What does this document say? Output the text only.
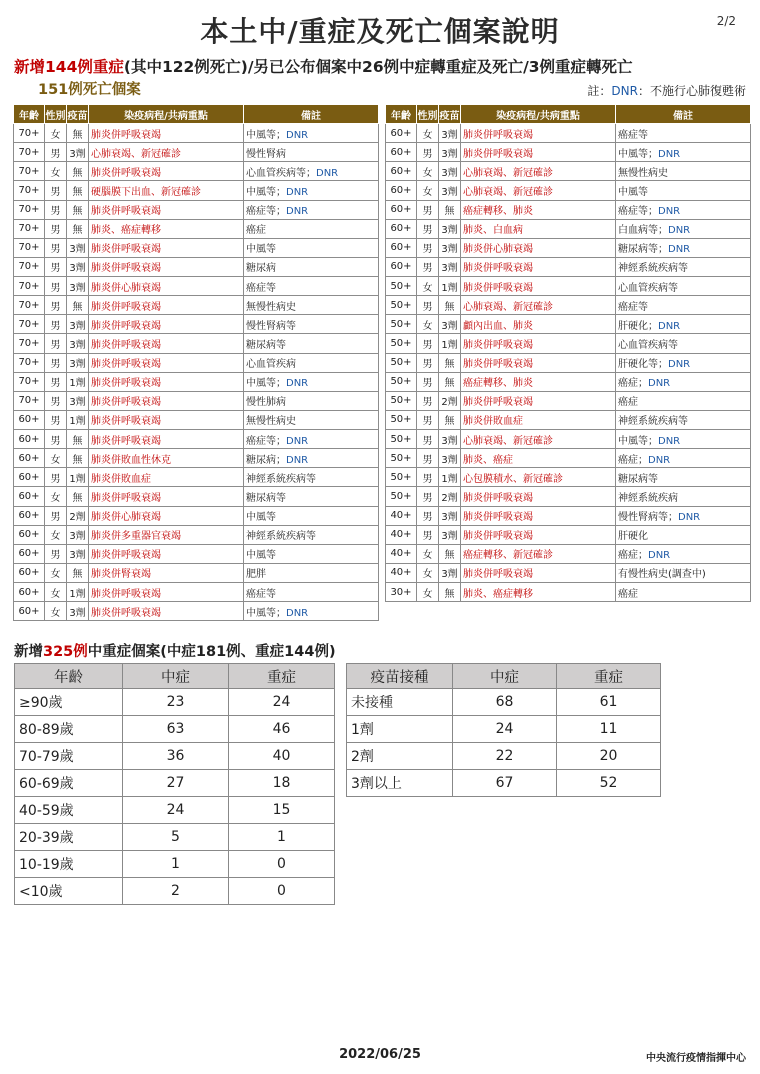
本土中/重症及死亡個案說明	2/2
新增144例重症(其中122例死亡)/另已公布個案中26例中症轉重症及死亡/3例重症轉死亡
151例死亡個案	註：DNR：不施行心肺復甦術
年齡	性別	疫苗	染疫病程/共病重點	備註
70+	女	無	肺炎併呼吸衰竭	中風等；DNR
70+	男	3劑	心肺衰竭、新冠確診	慢性腎病
70+	女	無	肺炎併呼吸衰竭	心血管疾病等；DNR
70+	男	無	硬腦膜下出血、新冠確診	中風等；DNR
70+	男	無	肺炎併呼吸衰竭	癌症等；DNR
70+	男	無	肺炎、癌症轉移	癌症
70+	男	3劑	肺炎併呼吸衰竭	中風等
70+	男	3劑	肺炎併呼吸衰竭	糖尿病
70+	男	3劑	肺炎併心肺衰竭	癌症等
70+	男	無	肺炎併呼吸衰竭	無慢性病史
70+	男	3劑	肺炎併呼吸衰竭	慢性腎病等
70+	男	3劑	肺炎併呼吸衰竭	糖尿病等
70+	男	3劑	肺炎併呼吸衰竭	心血管疾病
70+	男	1劑	肺炎併呼吸衰竭	中風等；DNR
70+	男	3劑	肺炎併呼吸衰竭	慢性肺病
60+	男	1劑	肺炎併呼吸衰竭	無慢性病史
60+	男	無	肺炎併呼吸衰竭	癌症等；DNR
60+	女	無	肺炎併敗血性休克	糖尿病；DNR
60+	男	1劑	肺炎併敗血症	神經系統疾病等
60+	女	無	肺炎併呼吸衰竭	糖尿病等
60+	男	2劑	肺炎併心肺衰竭	中風等
60+	女	3劑	肺炎併多重器官衰竭	神經系統疾病等
60+	男	3劑	肺炎併呼吸衰竭	中風等
60+	女	無	肺炎併腎衰竭	肥胖
60+	女	1劑	肺炎併呼吸衰竭	癌症等
60+	女	3劑	肺炎併呼吸衰竭	中風等；DNR
年齡	性別	疫苗	染疫病程/共病重點	備註
60+	女	3劑	肺炎併呼吸衰竭	癌症等
60+	男	3劑	肺炎併呼吸衰竭	中風等；DNR
60+	女	3劑	心肺衰竭、新冠確診	無慢性病史
60+	女	3劑	心肺衰竭、新冠確診	中風等
60+	男	無	癌症轉移、肺炎	癌症等；DNR
60+	男	3劑	肺炎、白血病	白血病等；DNR
60+	男	3劑	肺炎併心肺衰竭	糖尿病等；DNR
60+	男	3劑	肺炎併呼吸衰竭	神經系統疾病等
50+	女	1劑	肺炎併呼吸衰竭	心血管疾病等
50+	男	無	心肺衰竭、新冠確診	癌症等
50+	女	3劑	顱內出血、肺炎	肝硬化；DNR
50+	男	1劑	肺炎併呼吸衰竭	心血管疾病等
50+	男	無	肺炎併呼吸衰竭	肝硬化等；DNR
50+	男	無	癌症轉移、肺炎	癌症；DNR
50+	男	2劑	肺炎併呼吸衰竭	癌症
50+	男	無	肺炎併敗血症	神經系統疾病等
50+	男	3劑	心肺衰竭、新冠確診	中風等；DNR
50+	男	3劑	肺炎、癌症	癌症；DNR
50+	男	1劑	心包膜積水、新冠確診	糖尿病等
50+	男	2劑	肺炎併呼吸衰竭	神經系統疾病
40+	男	3劑	肺炎併呼吸衰竭	慢性腎病等；DNR
40+	男	3劑	肺炎併呼吸衰竭	肝硬化
40+	女	無	癌症轉移、新冠確診	癌症；DNR
40+	女	3劑	肺炎併呼吸衰竭	有慢性病史(調查中)
30+	女	無	肺炎、癌症轉移	癌症
新增325例中重症個案(中症181例、重症144例)
年齡	中症	重症
≥90歲	23	24
80-89歲	63	46
70-79歲	36	40
60-69歲	27	18
40-59歲	24	15
20-39歲	5	1
10-19歲	1	0
<10歲	2	0
疫苗接種	中症	重症
未接種	68	61
1劑	24	11
2劑	22	20
3劑以上	67	52
2022/06/25	中央流行疫情指揮中心
